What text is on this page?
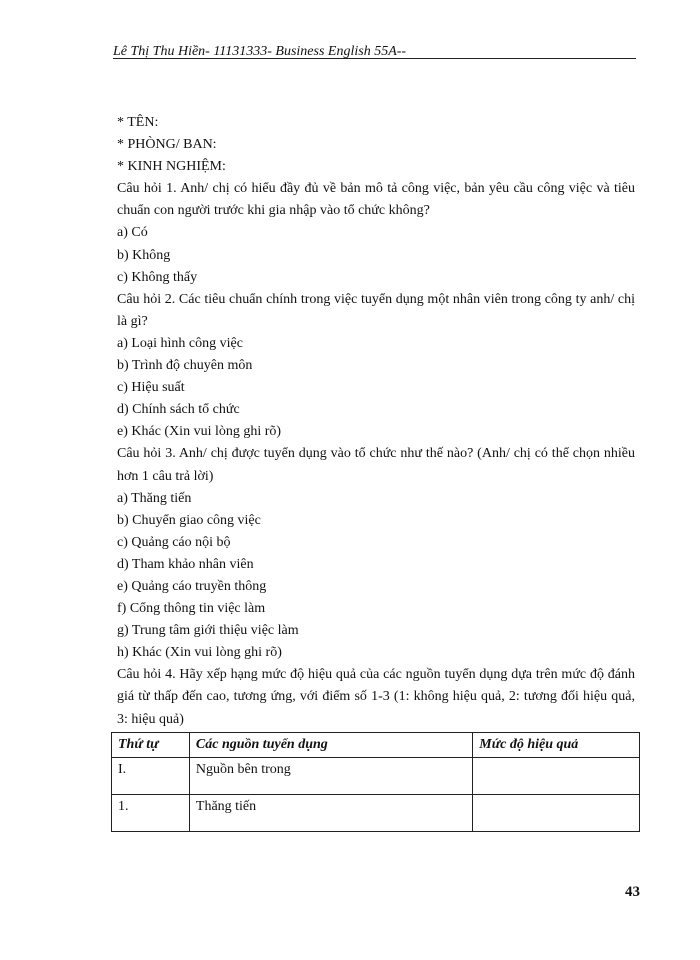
Lê Thị Thu Hiền- 11131333- Business English 55A--
* TÊN:
* PHÒNG/ BAN:
* KINH NGHIỆM:
Câu hỏi 1. Anh/ chị có hiểu đầy đủ về bản mô tả công việc, bản yêu cầu công việc và tiêu chuẩn con người trước khi gia nhập vào tổ chức không?
a) Có
b) Không
c) Không thấy
Câu hỏi 2. Các tiêu chuẩn chính trong việc tuyển dụng một nhân viên trong công ty anh/ chị là gì?
a) Loại hình công việc
b) Trình độ chuyên môn
c) Hiệu suất
d) Chính sách tổ chức
e) Khác (Xin vui lòng ghi rõ)
Câu hỏi 3. Anh/ chị được tuyển dụng vào tổ chức như thế nào? (Anh/ chị có thể chọn nhiều hơn 1 câu trả lời)
a) Thăng tiến
b) Chuyển giao công việc
c) Quảng cáo nội bộ
d) Tham khảo nhân viên
e) Quảng cáo truyền thông
f) Cổng thông tin việc làm
g) Trung tâm giới thiệu việc làm
h) Khác (Xin vui lòng ghi rõ)
Câu hỏi 4. Hãy xếp hạng mức độ hiệu quả của các nguồn tuyển dụng dựa trên mức độ đánh giá từ thấp đến cao, tương ứng, với điểm số 1-3 (1: không hiệu quả, 2: tương đối hiệu quả, 3: hiệu quả)
Thứ tự	Các nguồn tuyển dụng	Mức độ hiệu quả
I.	Nguồn bên trong	
1.	Thăng tiến	
43
